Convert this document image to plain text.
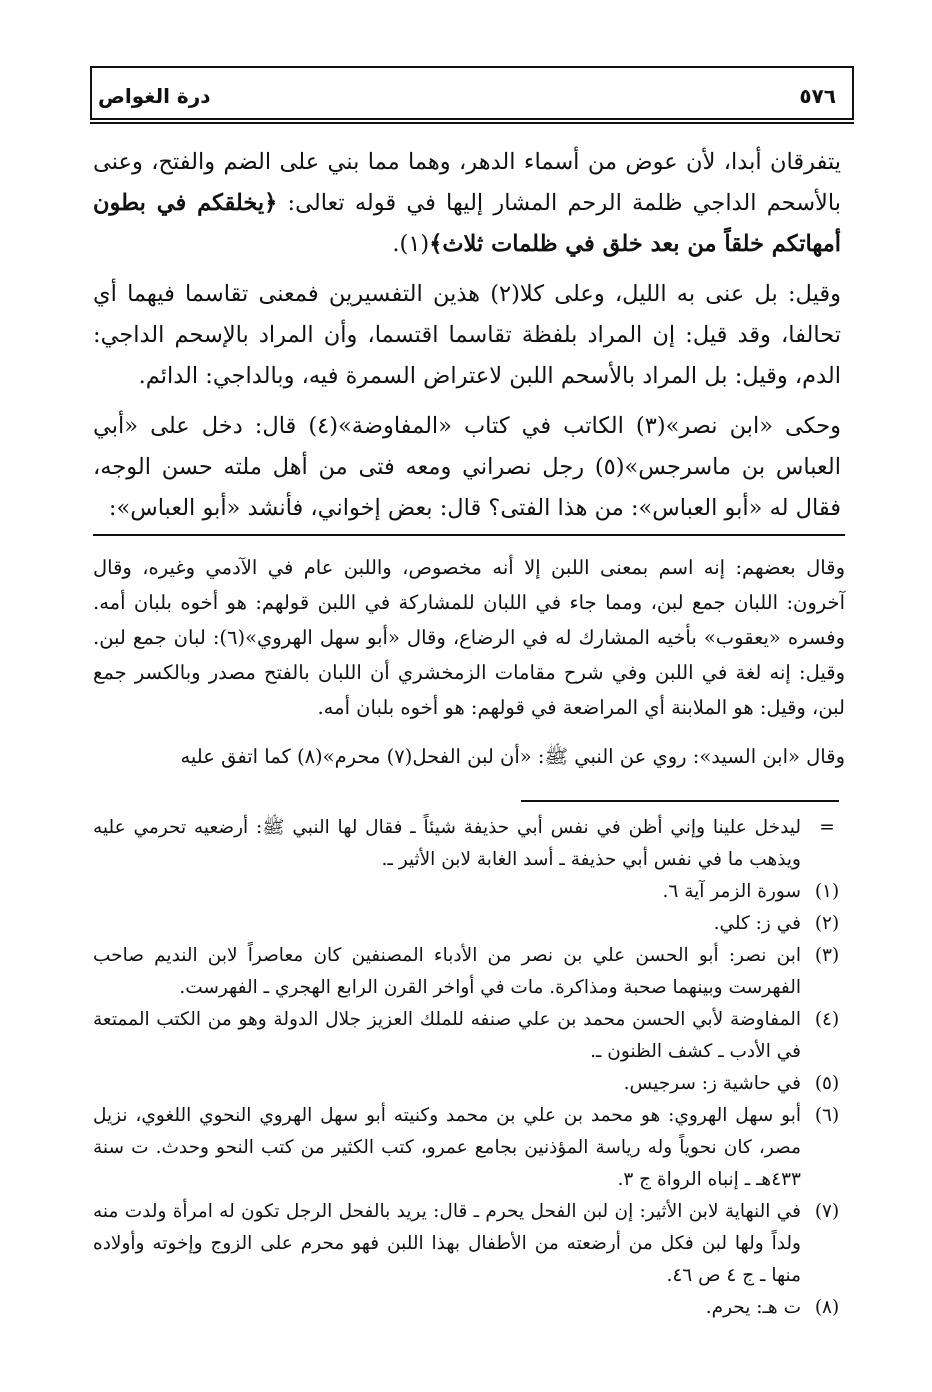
٥٧٦
درة الغواص

يتفرقان أبدا، لأن عوض من أسماء الدهر، وهما مما بني على الضم والفتح، وعنى بالأسحم الداجي ظلمة الرحم المشار إليها في قوله تعالى: ﴿يخلقكم في بطون أمهاتكم خلقاً من بعد خلق في ظلمات ثلاث﴾(١).

وقيل: بل عنى به الليل، وعلى كلا(٢) هذين التفسيرين فمعنى تقاسما فيهما أي تحالفا، وقد قيل: إن المراد بلفظة تقاسما اقتسما، وأن المراد بالإسحم الداجي: الدم، وقيل: بل المراد بالأسحم اللبن لاعتراض السمرة فيه، وبالداجي: الدائم.

وحكى «ابن نصر»(٣) الكاتب في كتاب «المفاوضة»(٤) قال: دخل على «أبي العباس بن ماسرجس»(٥) رجل نصراني ومعه فتى من أهل ملته حسن الوجه، فقال له «أبو العباس»: من هذا الفتى؟ قال: بعض إخواني، فأنشد «أبو العباس»:

وقال بعضهم: إنه اسم بمعنى اللبن إلا أنه مخصوص، واللبن عام في الآدمي وغيره، وقال آخرون: اللبان جمع لبن، ومما جاء في اللبان للمشاركة في اللبن قولهم: هو أخوه بلبان أمه. وفسره «يعقوب» بأخيه المشارك له في الرضاع، وقال «أبو سهل الهروي»(٦): لبان جمع لبن. وقيل: إنه لغة في اللبن وفي شرح مقامات الزمخشري أن اللبان بالفتح مصدر وبالكسر جمع لبن، وقيل: هو الملابنة أي المراضعة في قولهم: هو أخوه بلبان أمه.

وقال «ابن السيد»: روي عن النبي ﷺ: «أن لبن الفحل(٧) محرم»(٨) كما اتفق عليه

=
ليدخل علينا وإني أظن في نفس أبي حذيفة شيئاً ـ فقال لها النبي ﷺ: أرضعيه تحرمي عليه ويذهب ما في نفس أبي حذيفة ـ أسد الغابة لابن الأثير ـ.
(١)
سورة الزمر آية ٦.
(٢)
في ز: كلي.
(٣)
ابن نصر: أبو الحسن علي بن نصر من الأدباء المصنفين كان معاصراً لابن النديم صاحب الفهرست وبينهما صحبة ومذاكرة. مات في أواخر القرن الرابع الهجري ـ الفهرست.
(٤)
المفاوضة لأبي الحسن محمد بن علي صنفه للملك العزيز جلال الدولة وهو من الكتب الممتعة في الأدب ـ كشف الظنون ـ.
(٥)
في حاشية ز: سرجيس.
(٦)
أبو سهل الهروي: هو محمد بن علي بن محمد وكنيته أبو سهل الهروي النحوي اللغوي، نزيل مصر، كان نحوياً وله رياسة المؤذنين بجامع عمرو، كتب الكثير من كتب النحو وحدث. ت سنة ٤٣٣هـ ـ إنباه الرواة ج ٣.
(٧)
في النهاية لابن الأثير: إن لبن الفحل يحرم ـ قال: يريد بالفحل الرجل تكون له امرأة ولدت منه ولداً ولها لبن فكل من أرضعته من الأطفال بهذا اللبن فهو محرم على الزوج وإخوته وأولاده منها ـ ج ٤ ص ٤٦.
(٨)
ت هـ: يحرم.
